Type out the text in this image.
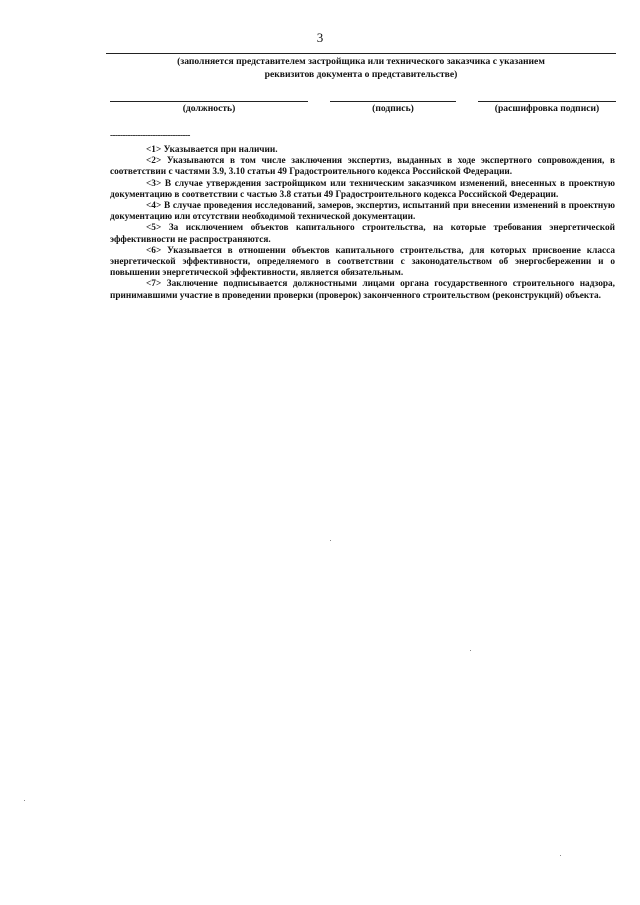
3
(заполняется представителем застройщика или технического заказчика с указанием
реквизитов документа о представительстве)
(должность)	(подпись)	(расшифровка подписи)
--------------------------------

<1> Указывается при наличии.

<2> Указываются в том числе заключения экспертиз, выданных в ходе экспертного сопровождения, в соответствии с частями 3.9, 3.10 статьи 49 Градостроительного кодекса Российской Федерации.

<3> В случае утверждения застройщиком или техническим заказчиком изменений, внесенных в проектную документацию в соответствии с частью 3.8 статьи 49 Градостроительного кодекса Российской Федерации.

<4> В случае проведения исследований, замеров, экспертиз, испытаний при внесении изменений в проектную документацию или отсутствии необходимой технической документации.

<5> За исключением объектов капитального строительства, на которые требования энергетической эффективности не распространяются.

<6> Указывается в отношении объектов капитального строительства, для которых присвоение класса энергетической эффективности, определяемого в соответствии с законодательством об энергосбережении и о повышении энергетической эффективности, является обязательным.

<7> Заключение подписывается должностными лицами органа государственного строительного надзора, принимавшими участие в проведении проверки (проверок) законченного строительством (реконструкций) объекта.
